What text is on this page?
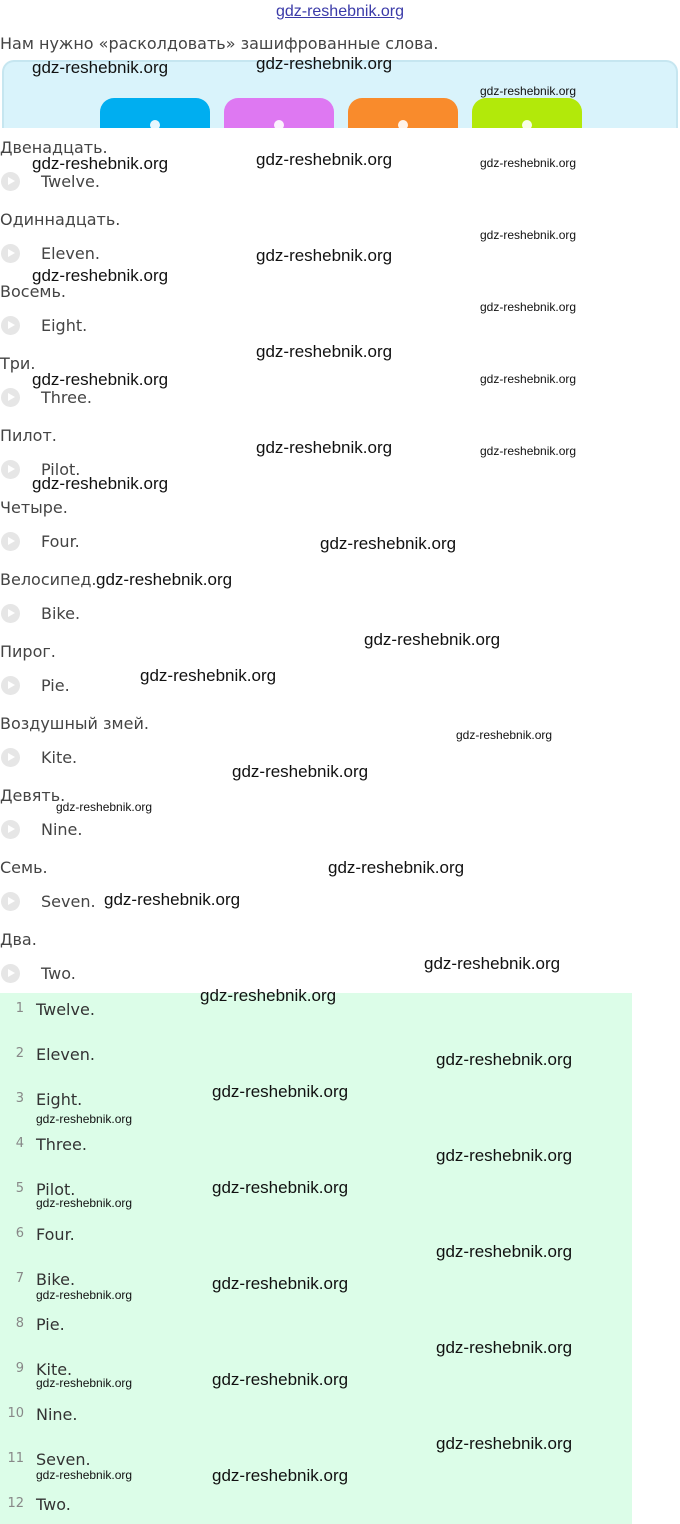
gdz-reshebnik.org
Нам нужно «расколдовать» зашифрованные слова.
Двенадцать.
Twelve.
Одиннадцать.
Eleven.
Восемь.
Eight.
Три.
Three.
Пилот.
Pilot.
Четыре.
Four.
Велосипед.
Bike.
Пирог.
Pie.
Воздушный змей.
Kite.
Девять.
Nine.
Семь.
Seven.
Два.
Two.
1 Twelve.
2 Eleven.
3 Eight.
4 Three.
5 Pilot.
6 Four.
7 Bike.
8 Pie.
9 Kite.
10 Nine.
11 Seven.
12 Two.
gdz-reshebnik.org	gdz-reshebnik.org
gdz-reshebnik.org
gdz-reshebnik.org	gdz-reshebnik.org	gdz-reshebnik.org
gdz-reshebnik.org
gdz-reshebnik.org
gdz-reshebnik.org
gdz-reshebnik.org
gdz-reshebnik.org
gdz-reshebnik.org	gdz-reshebnik.org
gdz-reshebnik.org	gdz-reshebnik.org
gdz-reshebnik.org
gdz-reshebnik.org
gdz-reshebnik.org
gdz-reshebnik.org
gdz-reshebnik.org
gdz-reshebnik.org
gdz-reshebnik.org
gdz-reshebnik.org
gdz-reshebnik.org
gdz-reshebnik.org
gdz-reshebnik.org
gdz-reshebnik.org
gdz-reshebnik.org
gdz-reshebnik.org
gdz-reshebnik.org
gdz-reshebnik.org
gdz-reshebnik.org
gdz-reshebnik.org
gdz-reshebnik.org
gdz-reshebnik.org
gdz-reshebnik.org
gdz-reshebnik.org
gdz-reshebnik.org
gdz-reshebnik.org
gdz-reshebnik.org
gdz-reshebnik.org
gdz-reshebnik.org
